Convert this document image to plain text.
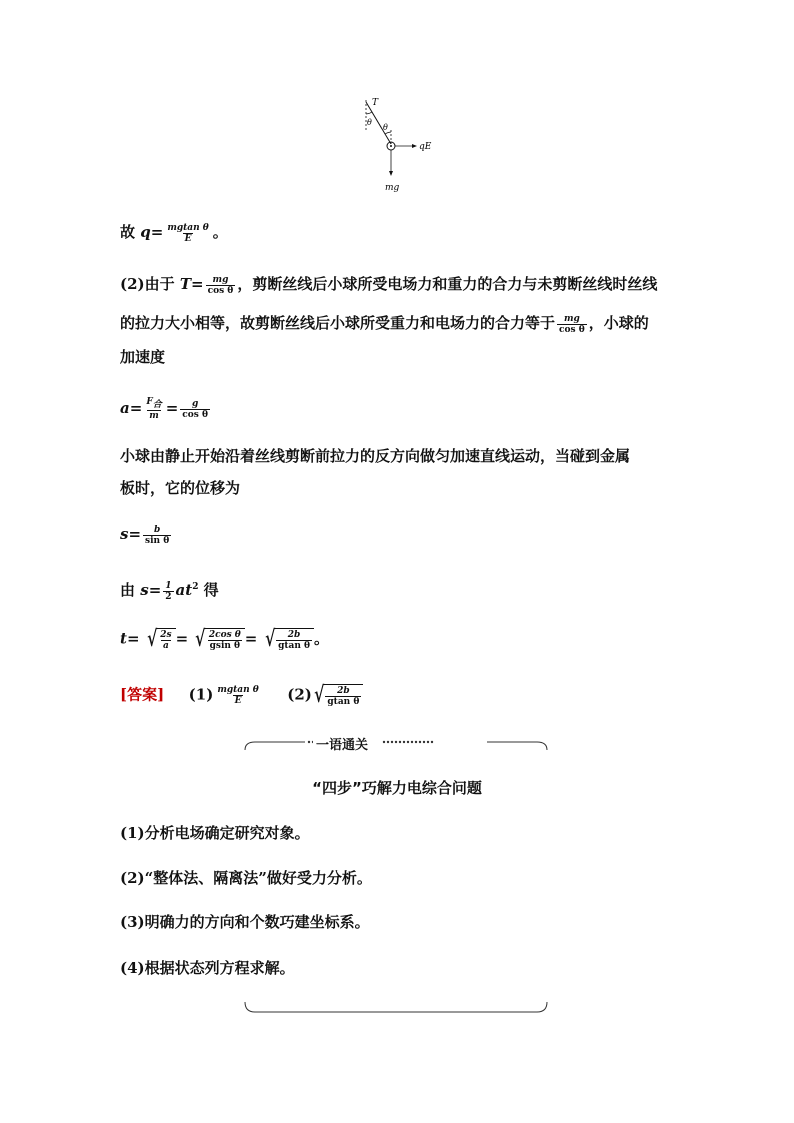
T
θ
θ
qE
mg
故 $q= \frac{\text{mgtan θ}}{E}$ 。
(2)由于 $T= \frac{mg}{\text{cos θ}}$ ，剪断丝线后小球所受电场力和重力的合力与未剪断丝线时丝线
的拉力大小相等，故剪断丝线后小球所受重力和电场力的合力等于 $\frac{mg}{\text{cos θ}}$ ，小球的
加速度
$a= \frac{\text{F合}}{m} = \frac{g}{\text{cos θ}}$
小球由静止开始沿着丝线剪断前拉力的反方向做匀加速直线运动，当碰到金属
板时，它的位移为
$s= \frac{b}{\text{sin θ}}$
由 $s= \frac{1}{2} at^2$ 得
t= √ $\frac{2s}{a}$ = √ $\frac{\text{2cos θ}}{\text{gsin θ}}$ = √ $\frac{2b}{\text{gtan θ}}$ 。
[答案] $(1) \frac{\text{mgtan θ}}{E} (2)$ √ $\frac{2b}{\text{gtan θ}}$
一语通关
“四步”巧解力电综合问题
(1)分析电场确定研究对象。
(2)“整体法、隔离法”做好受力分析。
(3)明确力的方向和个数巧建坐标系。
(4)根据状态列方程求解。
